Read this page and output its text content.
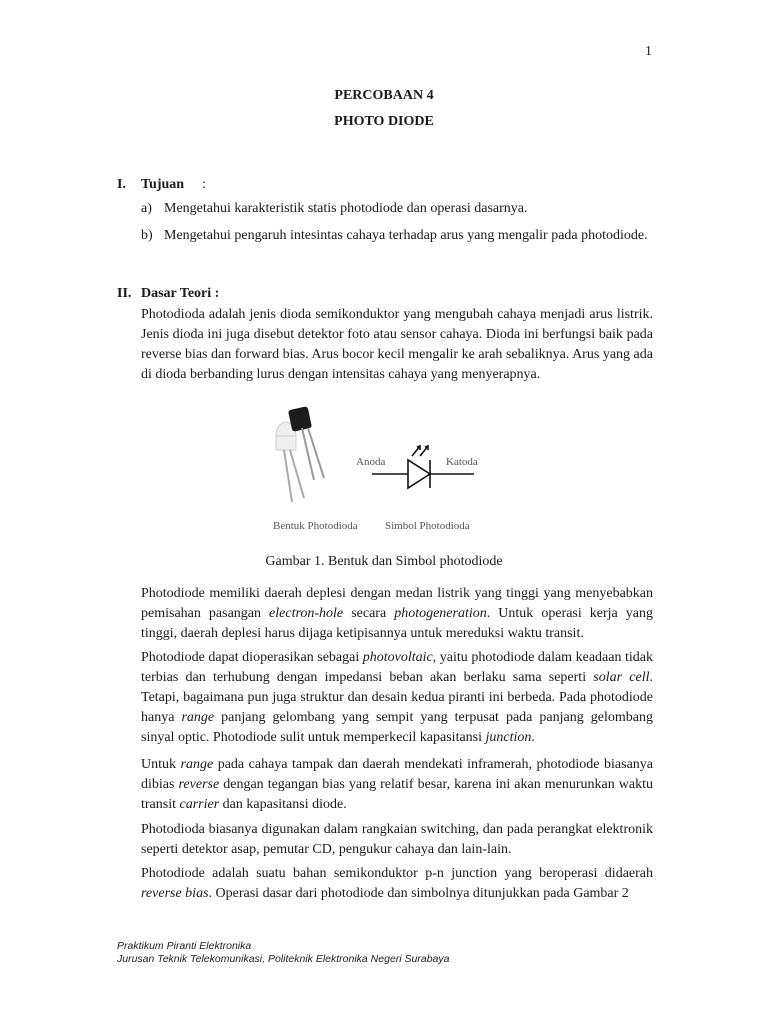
1
PERCOBAAN 4
PHOTO DIODE
I. Tujuan :
a) Mengetahui karakteristik statis photodiode dan operasi dasarnya.
b) Mengetahui pengaruh intesintas cahaya terhadap arus yang mengalir pada photodiode.
II. Dasar Teori :
Photodioda adalah jenis dioda semikonduktor yang mengubah cahaya menjadi arus listrik. Jenis dioda ini juga disebut detektor foto atau sensor cahaya. Dioda ini berfungsi baik pada reverse bias dan forward bias. Arus bocor kecil mengalir ke arah sebaliknya. Arus yang ada di dioda berbanding lurus dengan intensitas cahaya yang menyerapnya.
Anoda	Katoda
Bentuk Photodioda Simbol Photodioda
Gambar 1. Bentuk dan Simbol photodiode
Photodiode memiliki daerah deplesi dengan medan listrik yang tinggi yang menyebabkan pemisahan pasangan electron-hole secara photogeneration. Untuk operasi kerja yang tinggi, daerah deplesi harus dijaga ketipisannya untuk mereduksi waktu transit.
Photodiode dapat dioperasikan sebagai photovoltaic, yaitu photodiode dalam keadaan tidak terbias dan terhubung dengan impedansi beban akan berlaku sama seperti solar cell. Tetapi, bagaimana pun juga struktur dan desain kedua piranti ini berbeda. Pada photodiode hanya range panjang gelombang yang sempit yang terpusat pada panjang gelombang sinyal optic. Photodiode sulit untuk memperkecil kapasitansi junction.
Untuk range pada cahaya tampak dan daerah mendekati inframerah, photodiode biasanya dibias reverse dengan tegangan bias yang relatif besar, karena ini akan menurunkan waktu transit carrier dan kapasitansi diode.
Photodioda biasanya digunakan dalam rangkaian switching, dan pada perangkat elektronik seperti detektor asap, pemutar CD, pengukur cahaya dan lain-lain.
Photodiode adalah suatu bahan semikonduktor p-n junction yang beroperasi didaerah reverse bias. Operasi dasar dari photodiode dan simbolnya ditunjukkan pada Gambar 2
Praktikum Piranti Elektronika
Jurusan Teknik Telekomunikasi, Politeknik Elektronika Negeri Surabaya
